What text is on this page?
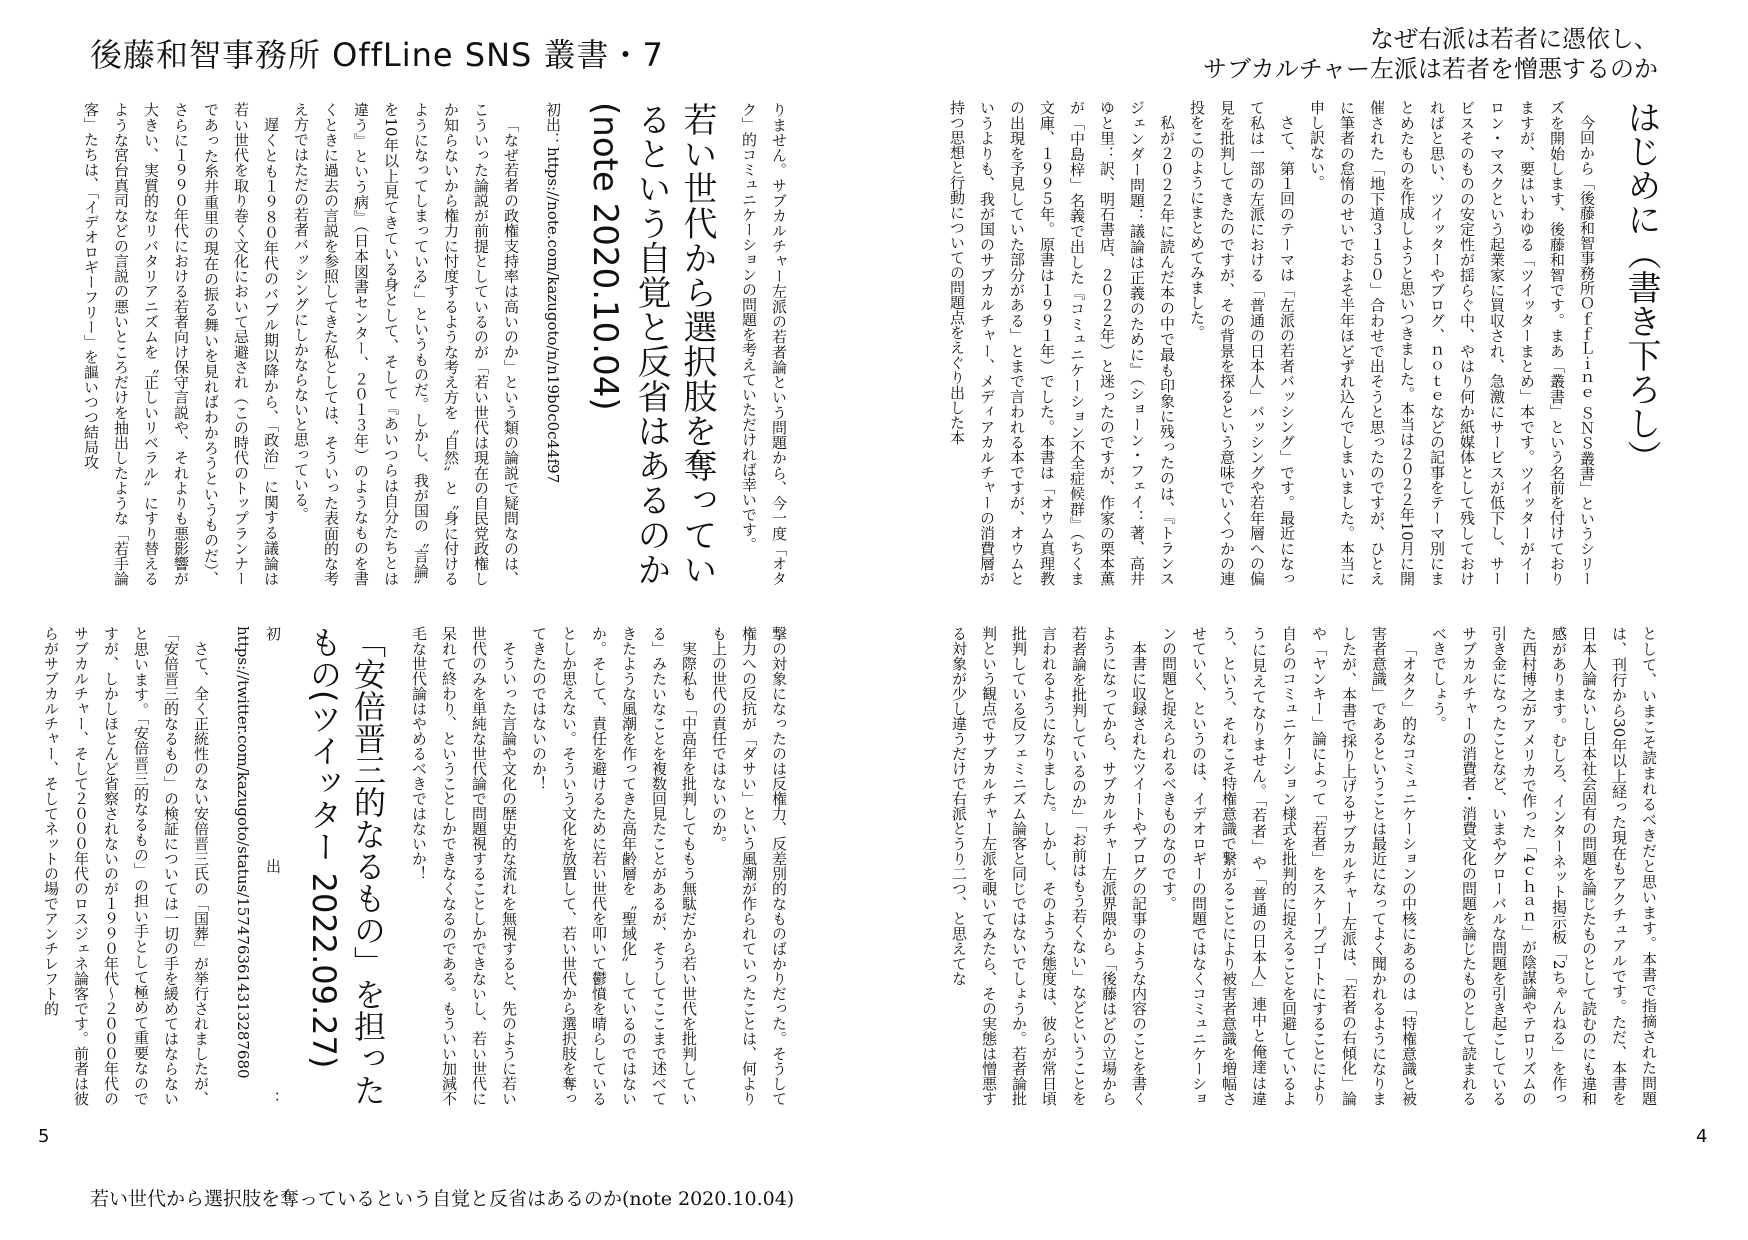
後藤和智事務所 OffLine SNS 叢書・7

りません。サブカルチャー左派の若者論という問題から、今一度「オタク」的コミュニケーションの問題を考えていただければ幸いです。

若い世代から選択肢を奪っているという自覚と反省はあるのか(note 2020.10.04)

初出：https://note.com/kazugoto/n/n19b0c0c44f97

「なぜ若者の政権支持率は高いのか」という類の論説で疑問なのは、こういった論説が前提としているのが「若い世代は現在の自民党政権しか知らないから権力に忖度するような考え方を〝自然〟と〝身に付けるようになってしまっている〟」というものだ。しかし、我が国の〝言論〟を10年以上見てきている身として、そして『あいつらは自分たちとは違う』という病』（日本図書センター、２０１３年）のようなものを書くときに過去の言説を参照してきた私としては、そういった表面的な考え方ではただの若者バッシングにしかならないと思っている。

遅くとも１９８０年代のバブル期以降から、「政治」に関する議論は若い世代を取り巻く文化において忌避され（この時代のトップランナーであった糸井重里の現在の振る舞いを見ればわかろうというものだ）、さらに１９９０年代における若者向け保守言説や、それよりも悪影響が大きい、実質的なリバタリアニズムを〝正しいリベラル〟にすり替えるような宮台真司などの言説の悪いところだけを抽出したような「若手論客」たちは、「イデオロギーフリー」を謳いつつ結局攻

撃の対象になったのは反権力、反差別的なものばかりだった。そうして権力への反抗が「ダサい」という風潮が作られていったことは、何よりも上の世代の責任ではないのか。

実際私も「中高年を批判してももう無駄だから若い世代を批判している」みたいなことを複数回見たことがあるが、そうしてここまで述べてきたような風潮を作ってきた高年齢層を〝聖域化〟しているのではないか。そして、責任を避けるために若い世代を叩いて鬱憤を晴らしているとしか思えない。そういう文化を放置して、若い世代から選択肢を奪ってきたのではないのか！

そういった言論や文化の歴史的な流れを無視すると、先のように若い世代のみを単純な世代論で問題視することしかできないし、若い世代に呆れて終わり、ということしかできなくなるのである。もういい加減不毛な世代論はやめるべきではないか！

「安倍晋三的なるもの」を担ったもの(ツイッター 2022.09.27)

初出：https://twitter.com/kazugoto/status/1574763614313287680

さて、全く正統性のない安倍晋三氏の「国葬」が挙行されましたが、「安倍晋三的なるもの」の検証については一切の手を緩めてはならないと思います。「安倍晋三的なるもの」の担い手として極めて重要なのですが、しかしほとんど省察されないのが１９９０年代～２０００年代のサブカルチャー、そして２０００年代のロスジェネ論客です。前者は彼らがサブカルチャー、そしてネットの場でアンチレフト的

5
若い世代から選択肢を奪っているという自覚と反省はあるのか(note 2020.10.04)
なぜ右派は若者に憑依し、
サブカルチャー左派は若者を憎悪するのか

はじめに（書き下ろし）

今回から「後藤和智事務所ＯｆｆＬｉｎｅ ＳＮＳ叢書」というシリーズを開始します、後藤和智です。まあ「叢書」という名前を付けておりますが、要はいわゆる「ツイッターまとめ」本です。ツイッターがイーロン・マスクという起業家に買収され、急激にサービスが低下し、サービスそのものの安定性が揺らぐ中、やはり何か紙媒体として残しておければと思い、ツイッターやブログ、ｎｏｔｅなどの記事をテーマ別にまとめたものを作成しようと思いつきました。本当は２０２２年10月に開催された「地下道３１５０」合わせで出そうと思ったのですが、ひとえに筆者の怠惰のせいでおよそ半年ほどずれ込んでしまいました。本当に申し訳ない。

さて、第１回のテーマは「左派の若者バッシング」です。最近になって私は一部の左派における「普通の日本人」バッシングや若年層への偏見を批判してきたのですが、その背景を探るという意味でいくつかの連投をこのようにまとめてみました。

私が２０２２年に読んだ本の中で最も印象に残ったのは、『トランスジェンダー問題：議論は正義のために』（ショーン・フェイ：著、高井ゆと里：訳、明石書店、２０２２年）と迷ったのですが、作家の栗本薫が「中島梓」名義で出した『コミュニケーション不全症候群』（ちくま文庫、１９９５年。原書は１９９１年）でした。本書は「オウム真理教の出現を予見していた部分がある」とまで言われる本ですが、オウムというよりも、我が国のサブカルチャー、メディアカルチャーの消費層が持つ思想と行動についての問題点をえぐり出した本

として、いまこそ読まれるべきだと思います。本書で指摘された問題は、刊行から30年以上経った現在もアクチュアルです。ただ、本書を日本人論ないし日本社会固有の問題を論じたものとして読むのにも違和感があります。むしろ、インターネット掲示板「2ちゃんねる」を作った西村博之がアメリカで作った「4ｃｈａｎ」が陰謀論やテロリズムの引き金になったことなど、いまやグローバルな問題を引き起こしているサブカルチャーの消費者・消費文化の問題を論じたものとして読まれるべきでしょう。

「オタク」的なコミュニケーションの中核にあるのは「特権意識と被害者意識」であるということは最近になってよく聞かれるようになりましたが、本書で採り上げるサブカルチャー左派は、「若者の右傾化」論や「ヤンキー」論によって「若者」をスケープゴートにすることにより自らのコミュニケーション様式を批判的に捉えることを回避しているように見えてなりません。「若者」や「普通の日本人」連中と俺達は違う、という、それこそ特権意識で繋がることにより被害者意識を増幅させていく、というのは、イデオロギーの問題ではなくコミュニケーションの問題と捉えられるべきものなのです。

本書に収録されたツイートやブログの記事のような内容のことを書くようになってから、サブカルチャー左派界隈から「後藤はどの立場から若者論を批判しているのか」「お前はもう若くない」などということを言われるようになりました。しかし、そのような態度は、彼らが常日頃批判している反フェミニズム論客と同じではないでしょうか。若者論批判という観点でサブカルチャー左派を覗いてみたら、その実態は憎悪する対象が少し違うだけで右派とうり二つ、と思えてな

4
